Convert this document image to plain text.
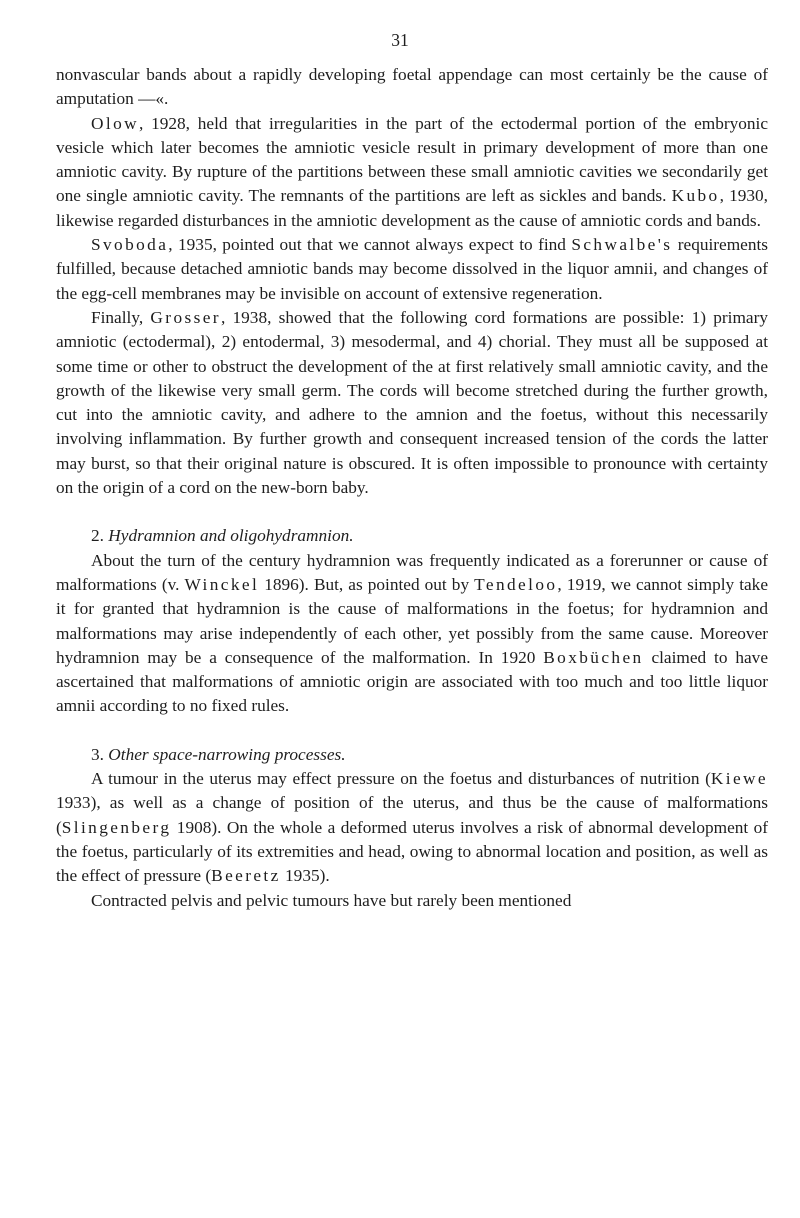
31

nonvascular bands about a rapidly developing foetal appendage can most certainly be the cause of amputation —«.

Olow, 1928, held that irregularities in the part of the ectodermal portion of the embryonic vesicle which later becomes the amniotic vesicle result in primary development of more than one amniotic cavity. By rupture of the partitions between these small amniotic cavities we secondarily get one single amniotic cavity. The remnants of the partitions are left as sickles and bands. Kubo, 1930, likewise regarded disturbances in the amniotic development as the cause of amniotic cords and bands.

Svoboda, 1935, pointed out that we cannot always expect to find Schwalbe's requirements fulfilled, because detached amniotic bands may become dissolved in the liquor amnii, and changes of the egg-cell membranes may be invisible on account of extensive regeneration.

Finally, Grosser, 1938, showed that the following cord formations are possible: 1) primary amniotic (ectodermal), 2) entodermal, 3) mesodermal, and 4) chorial. They must all be supposed at some time or other to obstruct the development of the at first relatively small amniotic cavity, and the growth of the likewise very small germ. The cords will become stretched during the further growth, cut into the amniotic cavity, and adhere to the amnion and the foetus, without this necessarily involving inflammation. By further growth and consequent increased tension of the cords the latter may burst, so that their original nature is obscured. It is often impossible to pronounce with certainty on the origin of a cord on the new-born baby.

2. Hydramnion and oligohydramnion.

About the turn of the century hydramnion was frequently indicated as a forerunner or cause of malformations (v. Winckel 1896). But, as pointed out by Tendeloo, 1919, we cannot simply take it for granted that hydramnion is the cause of malformations in the foetus; for hydramnion and malformations may arise independently of each other, yet possibly from the same cause. Moreover hydramnion may be a consequence of the malformation. In 1920 Boxbüchen claimed to have ascertained that malformations of amniotic origin are associated with too much and too little liquor amnii according to no fixed rules.

3. Other space-narrowing processes.

A tumour in the uterus may effect pressure on the foetus and disturbances of nutrition (Kiewe 1933), as well as a change of position of the uterus, and thus be the cause of malformations (Slingenberg 1908). On the whole a deformed uterus involves a risk of abnormal development of the foetus, particularly of its extremities and head, owing to abnormal location and position, as well as the effect of pressure (Beeretz 1935).

Contracted pelvis and pelvic tumours have but rarely been mentioned
